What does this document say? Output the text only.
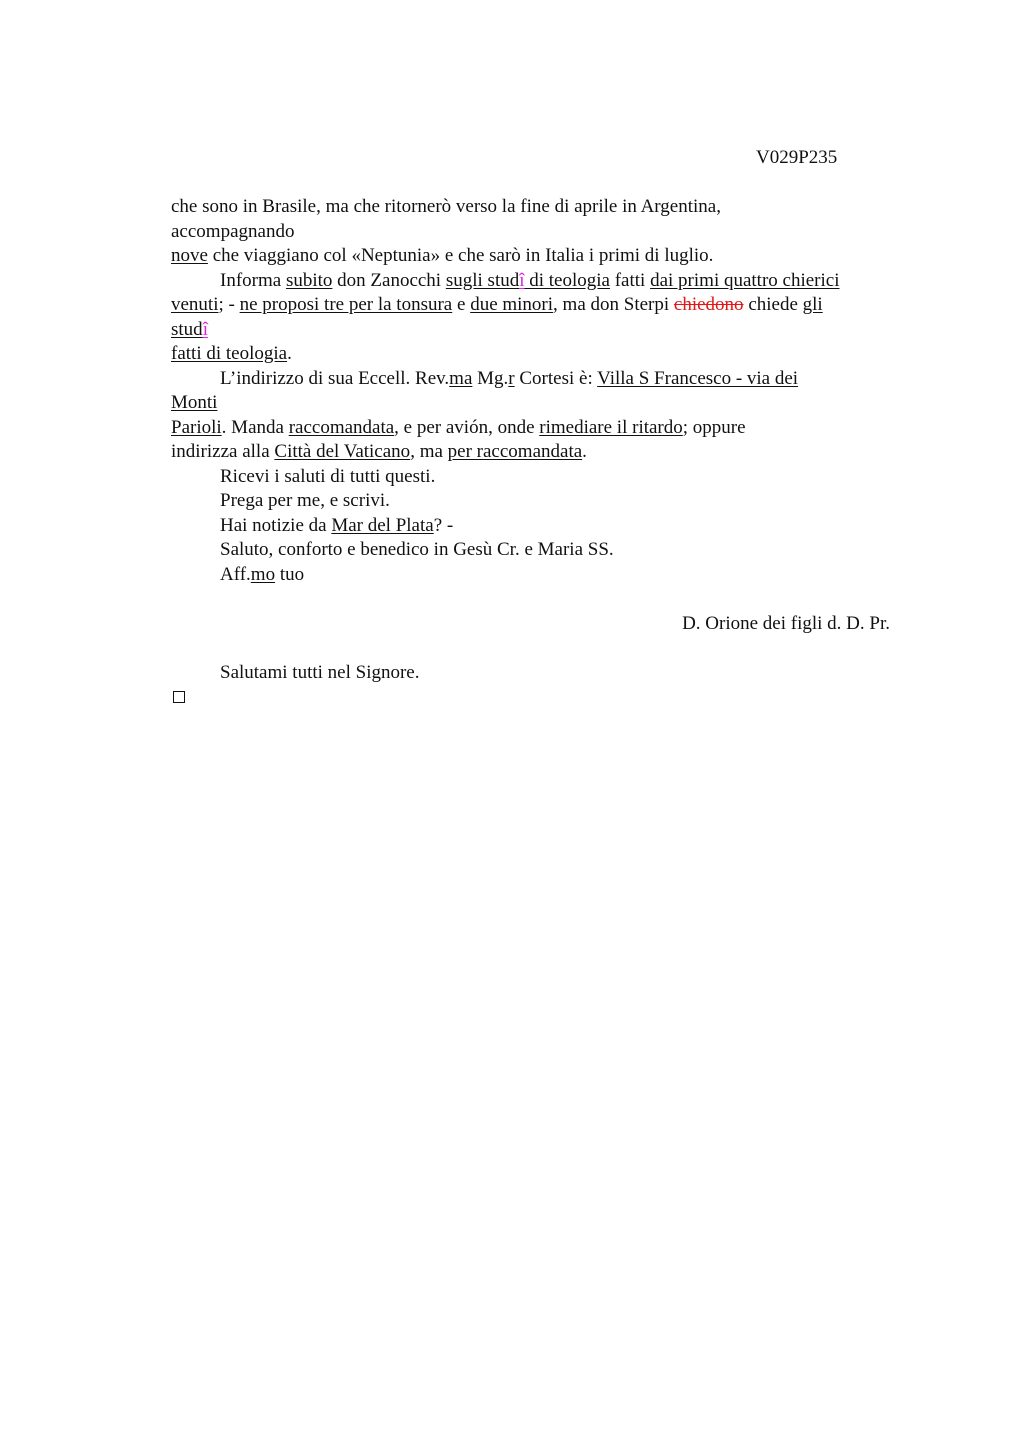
V029P235
che sono in Brasile, ma che ritornerò verso la fine di aprile in Argentina,
accompagnando
nove che viaggiano col «Neptunia» e che sarò in Italia i primi di luglio.
Informa subito don Zanocchi sugli studî di teologia fatti dai primi quattro chierici
venuti; - ne proposi tre per la tonsura e due minori, ma don Sterpi chiedono chiede gli
studî
fatti di teologia.
L’indirizzo di sua Eccell. Rev.ma Mg.r Cortesi è: Villa S Francesco - via dei
Monti
Parioli. Manda raccomandata, e per avión, onde rimediare il ritardo; oppure
indirizza alla Città del Vaticano, ma per raccomandata.
Ricevi i saluti di tutti questi.
Prega per me, e scrivi.
Hai notizie da Mar del Plata? -
Saluto, conforto e benedico in Gesù Cr. e Maria SS.
Aff.mo tuo
D. Orione dei figli d. D. Pr.
Salutami tutti nel Signore.
